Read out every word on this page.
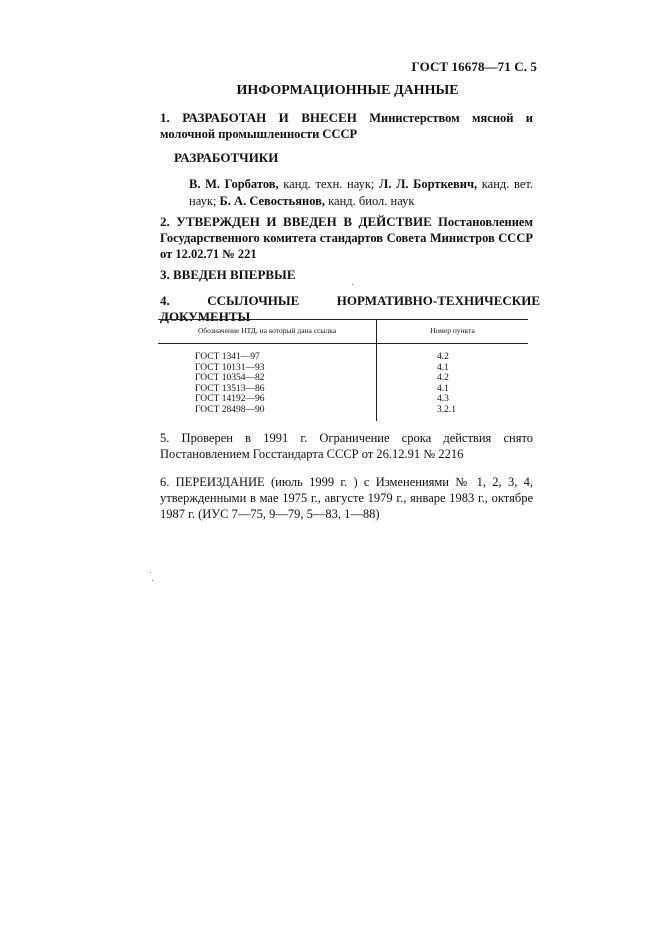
ГОСТ 16678—71 С. 5
ИНФОРМАЦИОННЫЕ ДАННЫЕ
1. РАЗРАБОТАН И ВНЕСЕН Министерством мясной и молочной промышленности СССР
РАЗРАБОТЧИКИ
В. М. Горбатов, канд. техн. наук; Л. Л. Борткевич, канд. вет. наук; Б. А. Севостьянов, канд. биол. наук
2. УТВЕРЖДЕН И ВВЕДЕН В ДЕЙСТВИЕ Постановлением Государственного комитета стандартов Совета Министров СССР от 12.02.71 № 221
3. ВВЕДЕН ВПЕРВЫЕ
4. ССЫЛОЧНЫЕ НОРМАТИВНО-ТЕХНИЧЕСКИЕ ДОКУМЕНТЫ
Обозначение НТД, на который дана ссылка	Номер пункта
ГОСТ 1341—97	4.2
ГОСТ 10131—93	4.1
ГОСТ 10354—82	4.2
ГОСТ 13513—86	4.1
ГОСТ 14192—96	4.3
ГОСТ 28498—90	3.2.1
5. Проверен в 1991 г. Ограничение срока действия снято Постановлением Госстандарта СССР от 26.12.91 № 2216
6. ПЕРЕИЗДАНИЕ (июль 1999 г. ) с Изменениями № 1, 2, 3, 4, утвержденными в мае 1975 г., августе 1979 г., январе 1983 г., октябре 1987 г. (ИУС 7—75, 9—79, 5—83, 1—88)
